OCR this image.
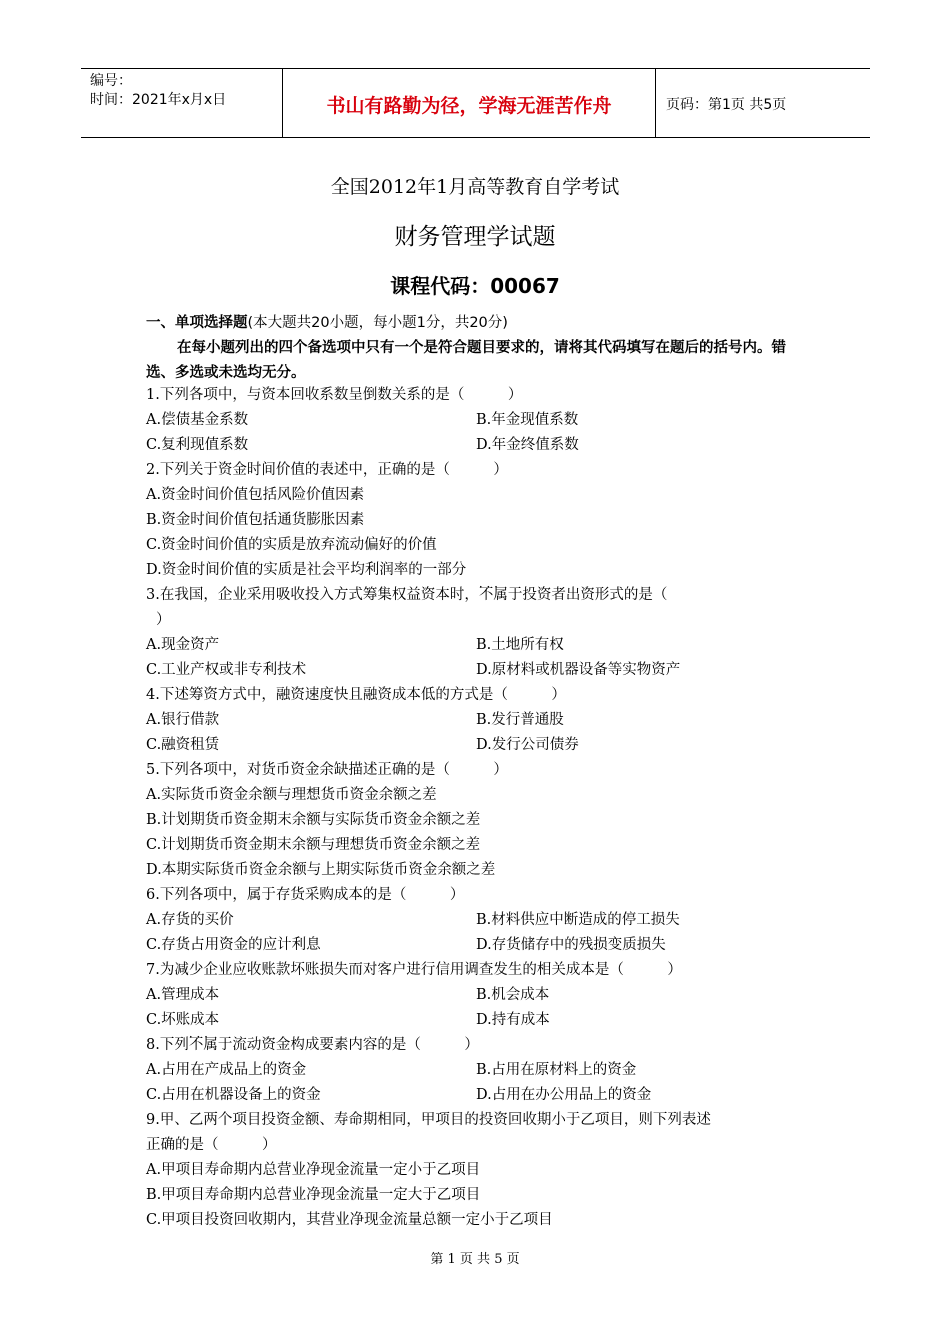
编号：
时间：2021年x月x日	书山有路勤为径，学海无涯苦作舟	页码：第1页 共5页
全国2012年1月高等教育自学考试
财务管理学试题
课程代码：00067
一、单项选择题(本大题共20小题，每小题1分，共20分)
在每小题列出的四个备选项中只有一个是符合题目要求的，请将其代码填写在题后的括号内。错选、多选或未选均无分。

1.下列各项中，与资本回收系数呈倒数关系的是（　　　）

A.偿债基金系数	B.年金现值系数
C.复利现值系数	D.年金终值系数

2.下列关于资金时间价值的表述中，正确的是（　　　）

A.资金时间价值包括风险价值因素

B.资金时间价值包括通货膨胀因素

C.资金时间价值的实质是放弃流动偏好的价值

D.资金时间价值的实质是社会平均利润率的一部分

3.在我国，企业采用吸收投入方式筹集权益资本时，· · · 不属于投资者出资形式的是（

）

A.现金资产	B.土地所有权
C.工业产权或非专利技术	D.原材料或机器设备等实物资产

4.下述筹资方式中，融资速度快且融资成本低的方式是（　　　）

A.银行借款	B.发行普通股
C.融资租赁	D.发行公司债券

5.下列各项中，对货币资金余缺描述正确的是（　　　）

A.实际货币资金余额与理想货币资金余额之差

B.计划期货币资金期末余额与实际货币资金余额之差

C.计划期货币资金期末余额与理想货币资金余额之差

D.本期实际货币资金余额与上期实际货币资金余额之差

6.下列各项中，属于存货采购成本的是（　　　）

A.存货的买价	B.材料供应中断造成的停工损失
C.存货占用资金的应计利息	D.存货储存中的残损变质损失

7.为减少企业应收账款坏账损失而对客户进行信用调查发生的相关成本是（　　　）

A.管理成本	B.机会成本
C.坏账成本	D.持有成本

8.下列· · · 不属于流动资金构成要素内容的是（　　　）

A.占用在产成品上的资金	B.占用在原材料上的资金
C.占用在机器设备上的资金	D.占用在办公用品上的资金

9.甲、乙两个项目投资金额、寿命期相同，甲项目的投资回收期小于乙项目，则下列表述

正确的是（　　　）

A.甲项目寿命期内总营业净现金流量一定小于乙项目

B.甲项目寿命期内总营业净现金流量一定大于乙项目

C.甲项目投资回收期内，其营业净现金流量总额一定小于乙项目

第 1 页 共 5 页
